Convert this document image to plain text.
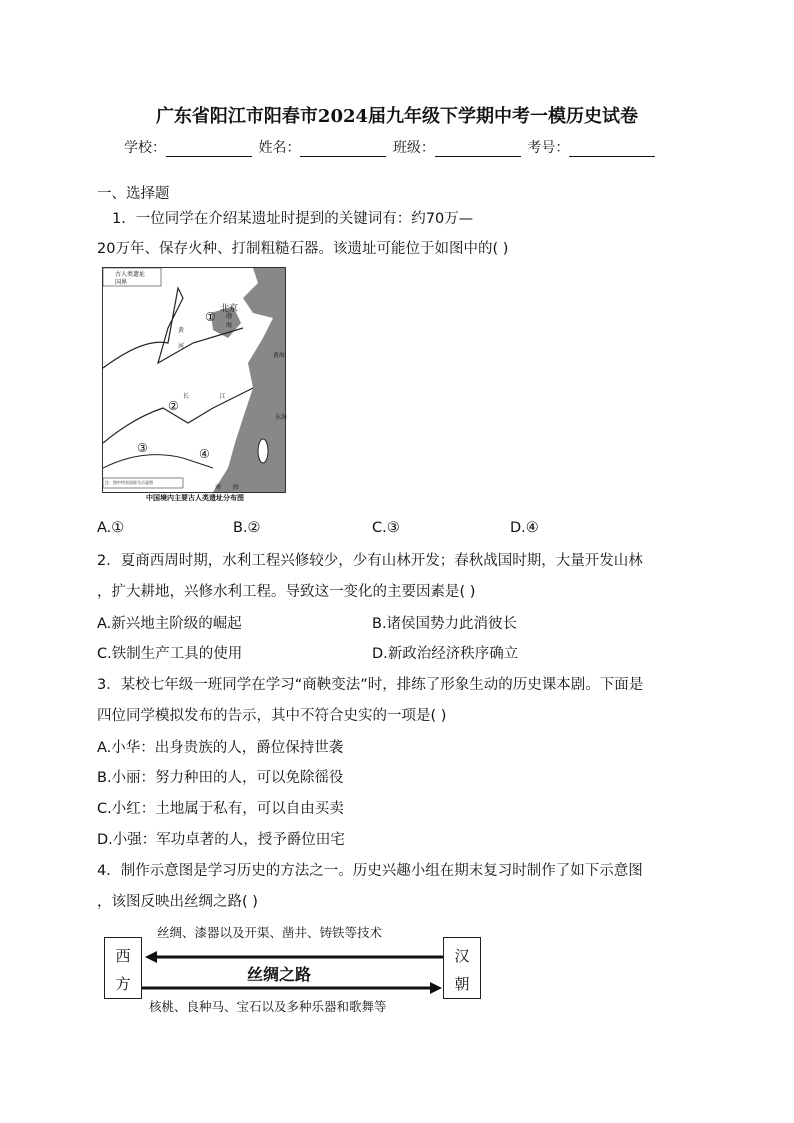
广东省阳江市阳春市2024届九年级下学期中考一模历史试卷
学校：	姓名：	班级：	考号：
一、选择题
1．一位同学在介绍某遗址时提到的关键词有：约70万—
20万年、保存火种、打制粗糙石器。该遗址可能位于如图中的( )
古人类遗址
国界
北京
①
②
③	④
黄

河
长	江
渤
海
黄海
东海
南 海
注：图中所有国界为示意图
中国境内主要古人类遗址分布图
A.①	B.②	C.③	D.④
2．夏商西周时期，水利工程兴修较少，少有山林开发；春秋战国时期，大量开发山林
，扩大耕地，兴修水利工程。导致这一变化的主要因素是( )
A.新兴地主阶级的崛起	B.诸侯国势力此消彼长
C.铁制生产工具的使用	D.新政治经济秩序确立
3．某校七年级一班同学在学习“商鞅变法”时，排练了形象生动的历史课本剧。下面是
四位同学模拟发布的告示，其中不符合史实的一项是( )
A.小华：出身贵族的人，爵位保持世袭
B.小丽：努力种田的人，可以免除徭役
C.小红：土地属于私有，可以自由买卖
D.小强：军功卓著的人，授予爵位田宅
4．制作示意图是学习历史的方法之一。历史兴趣小组在期末复习时制作了如下示意图
，该图反映出丝绸之路( )
西
方
汉
朝
丝绸、漆器以及开渠、凿井、铸铁等技术
丝绸之路
核桃、良种马、宝石以及多种乐器和歌舞等
